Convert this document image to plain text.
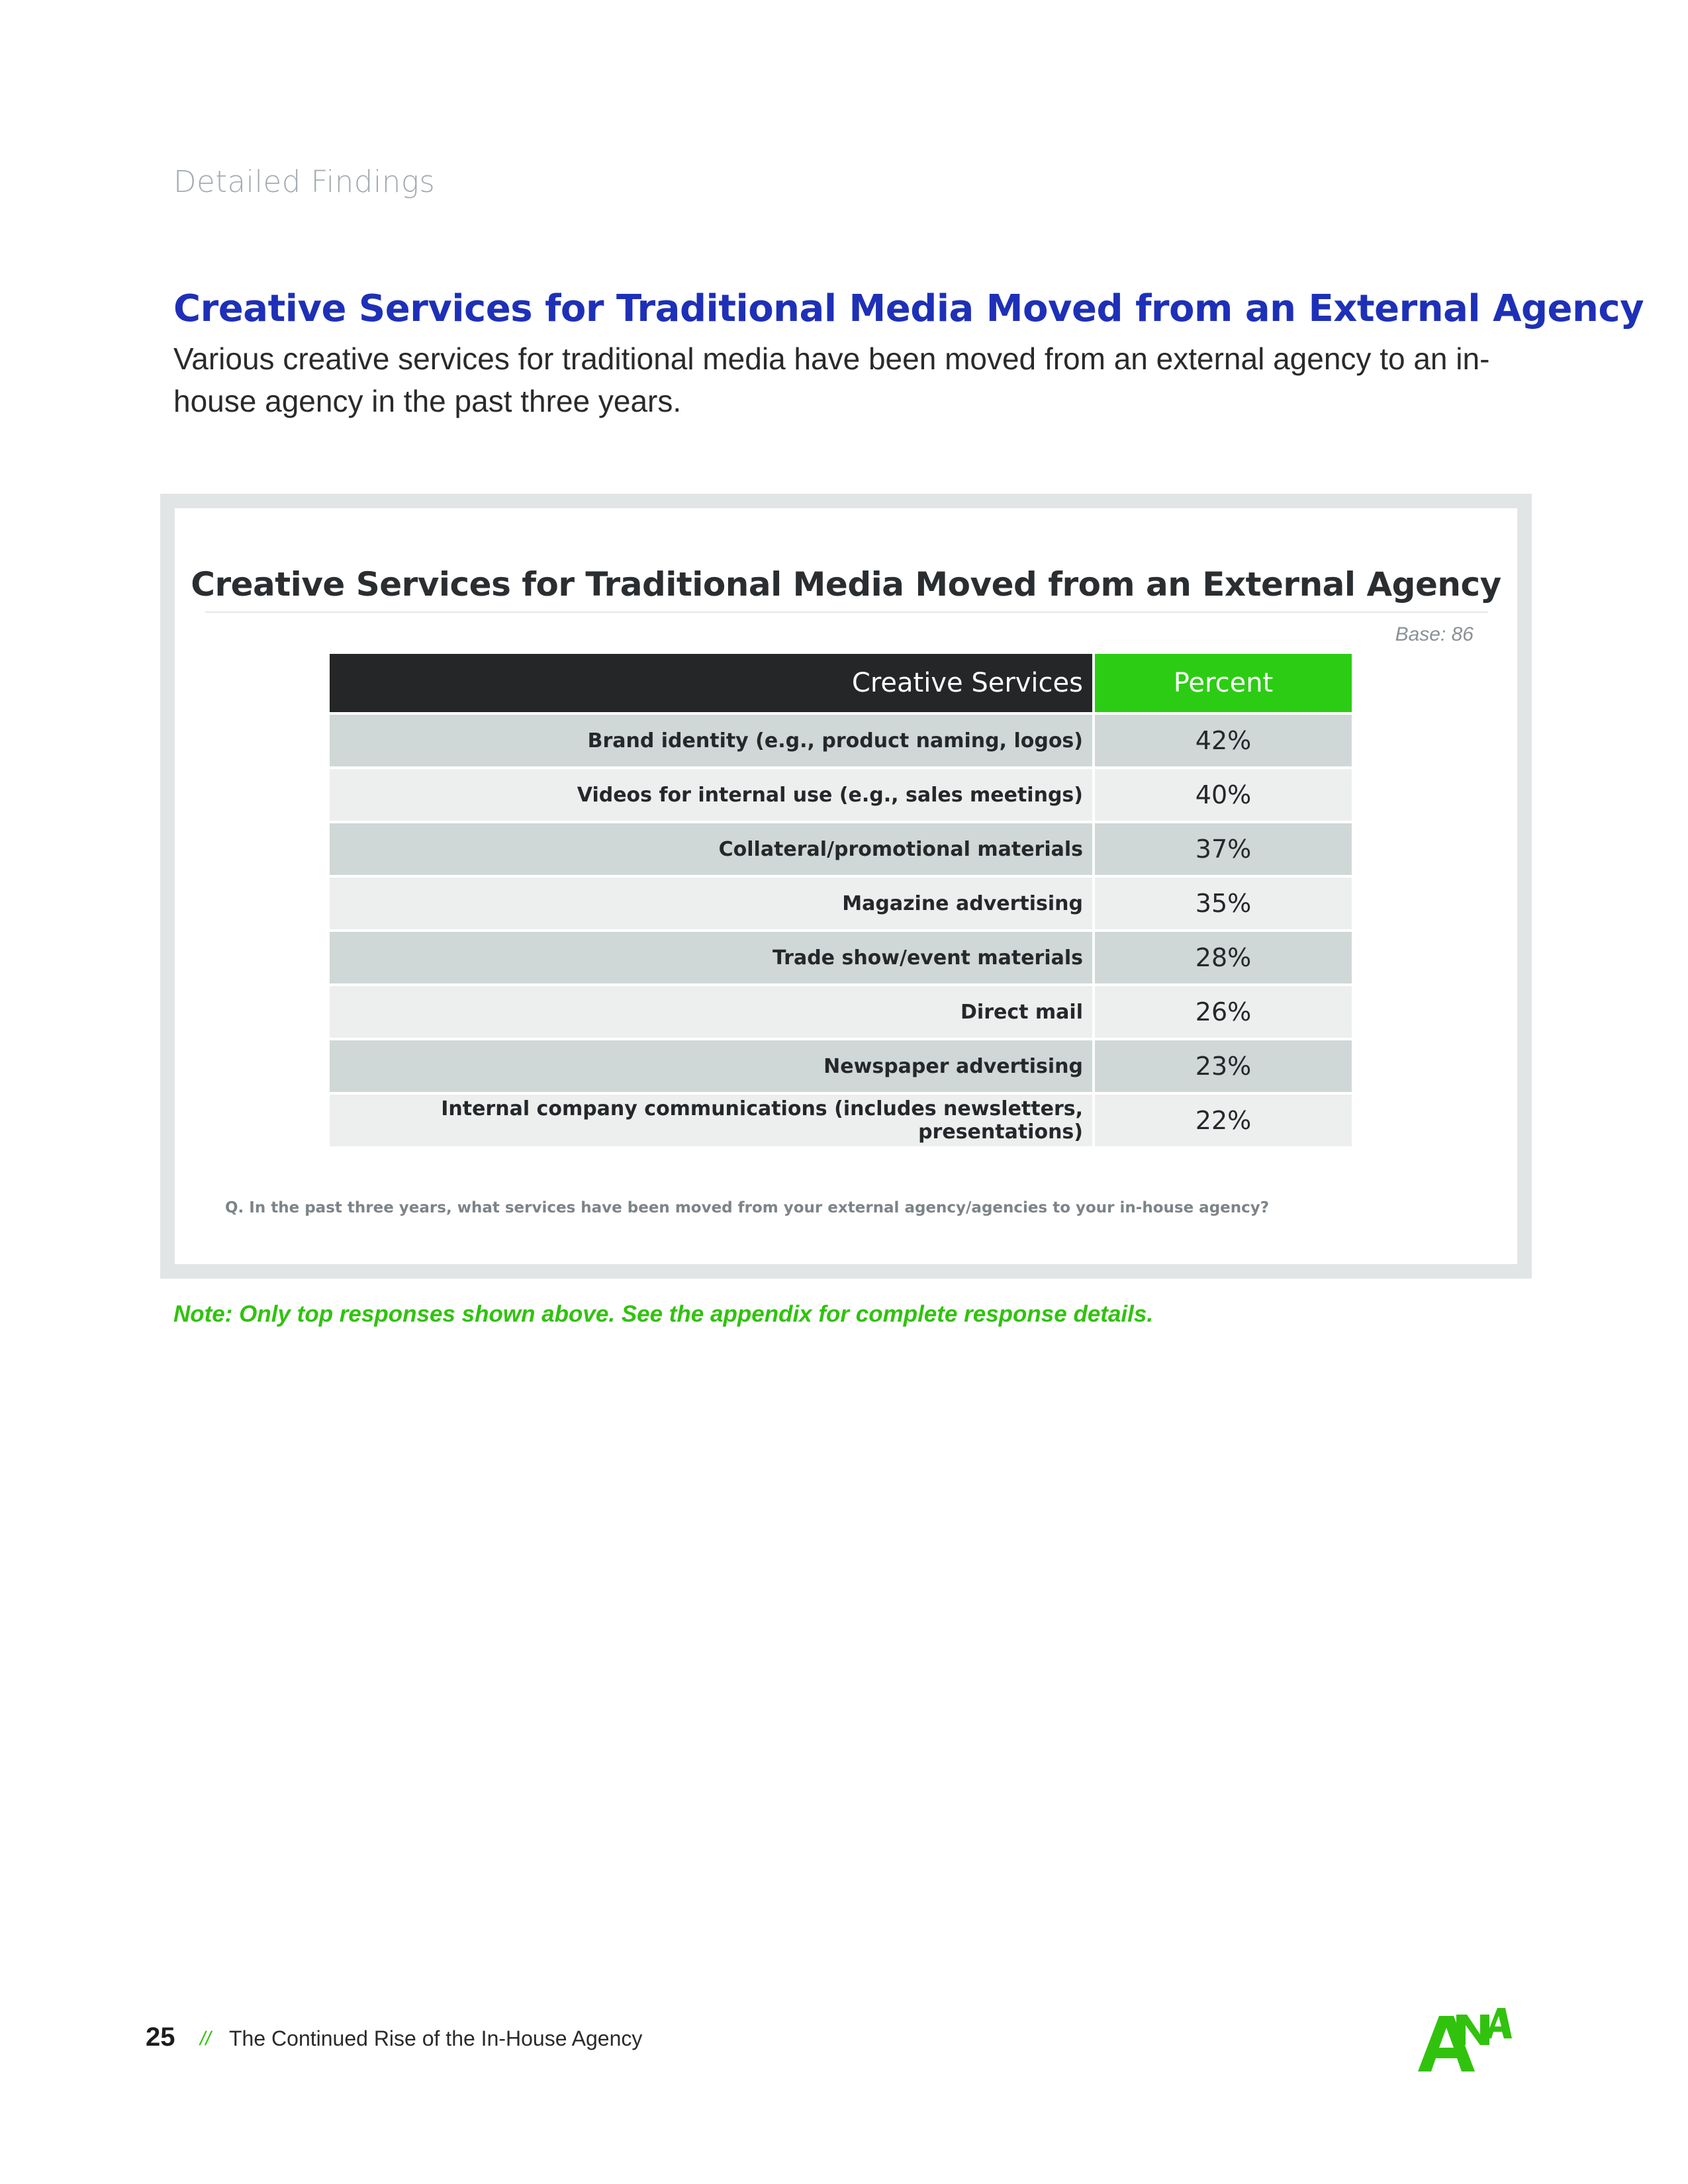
Detailed Findings
Creative Services for Traditional Media Moved from an External Agency
Various creative services for traditional media have been moved from an external agency to an in-house agency in the past three years.
Creative Services for Traditional Media Moved from an External Agency
Base: 86
Creative Services	Percent
Brand identity (e.g., product naming, logos)	42%
Videos for internal use (e.g., sales meetings)	40%
Collateral/promotional materials	37%
Magazine advertising	35%
Trade show/event materials	28%
Direct mail	26%
Newspaper advertising	23%
Internal company communications (includes newsletters, presentations)	22%
Q. In the past three years, what services have been moved from your external agency/agencies to your in-house agency?
Note: Only top responses shown above. See the appendix for complete response details.
25 // The Continued Rise of the In-House Agency
